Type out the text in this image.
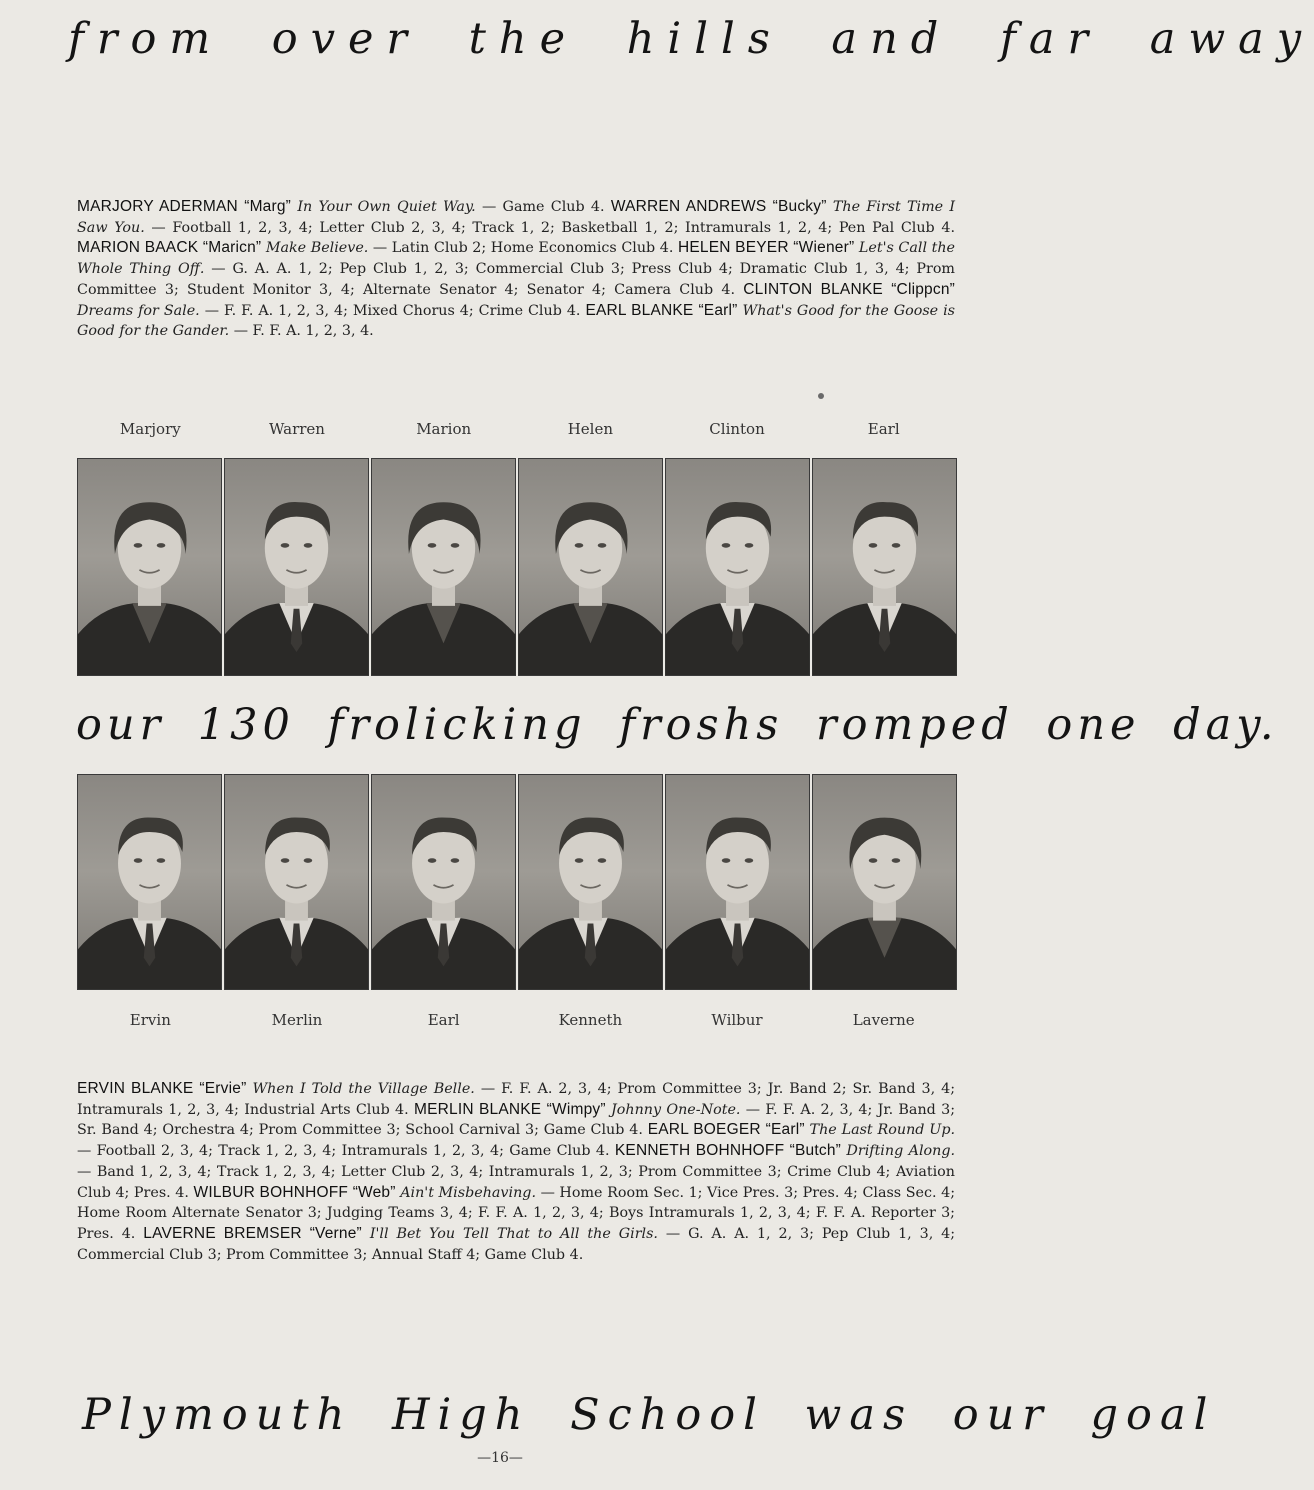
from over the hills and far away
MARJORY ADERMAN “Marg” In Your Own Quiet Way. — Game Club 4. WARREN ANDREWS “Bucky” The First Time I Saw You. — Football 1, 2, 3, 4; Letter Club 2, 3, 4; Track 1, 2; Basketball 1, 2; Intramurals 1, 2, 4; Pen Pal Club 4. MARION BAACK “Maricn” Make Believe. — Latin Club 2; Home Economics Club 4. HELEN BEYER “Wiener” Let's Call the Whole Thing Off. — G. A. A. 1, 2; Pep Club 1, 2, 3; Commercial Club 3; Press Club 4; Dramatic Club 1, 3, 4; Prom Committee 3; Student Monitor 3, 4; Alternate Senator 4; Senator 4; Camera Club 4. CLINTON BLANKE “Clippcn” Dreams for Sale. — F. F. A. 1, 2, 3, 4; Mixed Chorus 4; Crime Club 4. EARL BLANKE “Earl” What's Good for the Goose is Good for the Gander. — F. F. A. 1, 2, 3, 4.
Marjory	Warren	Marion	Helen	Clinton	Earl
our 130 frolicking froshs romped one day.
Ervin	Merlin	Earl	Kenneth	Wilbur	Laverne
ERVIN BLANKE “Ervie” When I Told the Village Belle. — F. F. A. 2, 3, 4; Prom Committee 3; Jr. Band 2; Sr. Band 3, 4; Intramurals 1, 2, 3, 4; Industrial Arts Club 4. MERLIN BLANKE “Wimpy” Johnny One-Note. — F. F. A. 2, 3, 4; Jr. Band 3; Sr. Band 4; Orchestra 4; Prom Committee 3; School Carnival 3; Game Club 4. EARL BOEGER “Earl” The Last Round Up. — Football 2, 3, 4; Track 1, 2, 3, 4; Intramurals 1, 2, 3, 4; Game Club 4. KENNETH BOHNHOFF “Butch” Drifting Along. — Band 1, 2, 3, 4; Track 1, 2, 3, 4; Letter Club 2, 3, 4; Intramurals 1, 2, 3; Prom Committee 3; Crime Club 4; Aviation Club 4; Pres. 4. WILBUR BOHNHOFF “Web” Ain't Misbehaving. — Home Room Sec. 1; Vice Pres. 3; Pres. 4; Class Sec. 4; Home Room Alternate Senator 3; Judging Teams 3, 4; F. F. A. 1, 2, 3, 4; Boys Intramurals 1, 2, 3, 4; F. F. A. Reporter 3; Pres. 4. LAVERNE BREMSER “Verne” I'll Bet You Tell That to All the Girls. — G. A. A. 1, 2, 3; Pep Club 1, 3, 4; Commercial Club 3; Prom Committee 3; Annual Staff 4; Game Club 4.
Plymouth High School was our goal
—16—
